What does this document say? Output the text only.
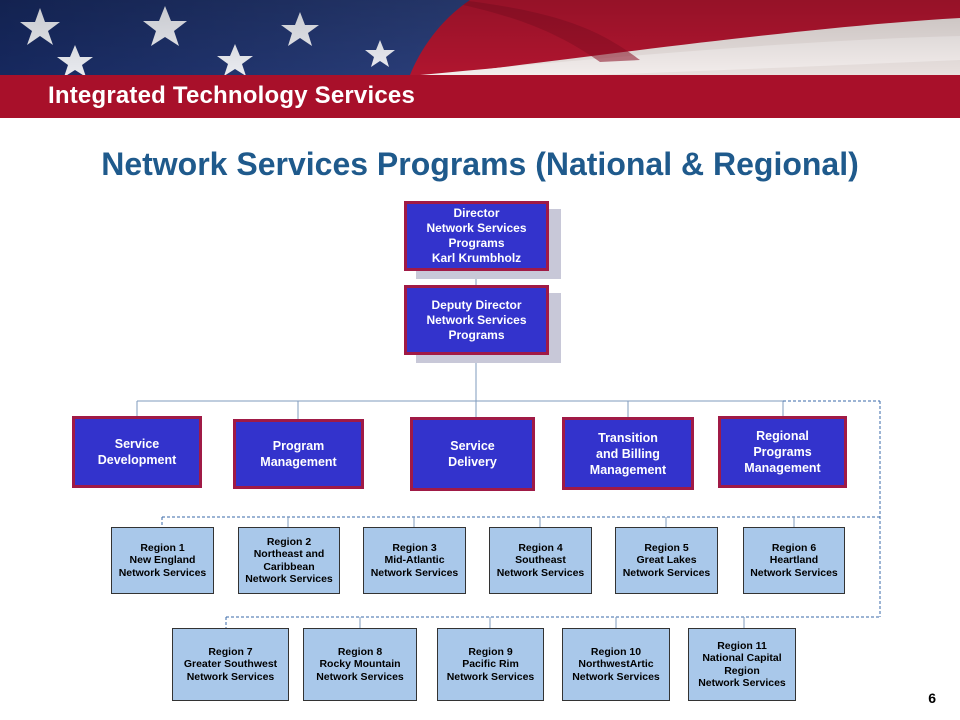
Integrated Technology Services
Network Services Programs (National & Regional)
Director
Network Services
Programs
Karl Krumbholz
Deputy Director
Network Services
Programs
Service
Development
Program
Management
Service
Delivery
Transition
and Billing
Management
Regional
Programs
Management
Region 1
New England
Network Services
Region 2
Northeast and
Caribbean
Network Services
Region 3
Mid-Atlantic
Network Services
Region 4
Southeast
Network Services
Region 5
Great Lakes
Network Services
Region 6
Heartland
Network Services
Region 7
Greater Southwest
Network Services
Region 8
Rocky Mountain
Network Services
Region 9
Pacific Rim
Network Services
Region 10
NorthwestArtic
Network Services
Region 11
National Capital
Region
Network Services
6
